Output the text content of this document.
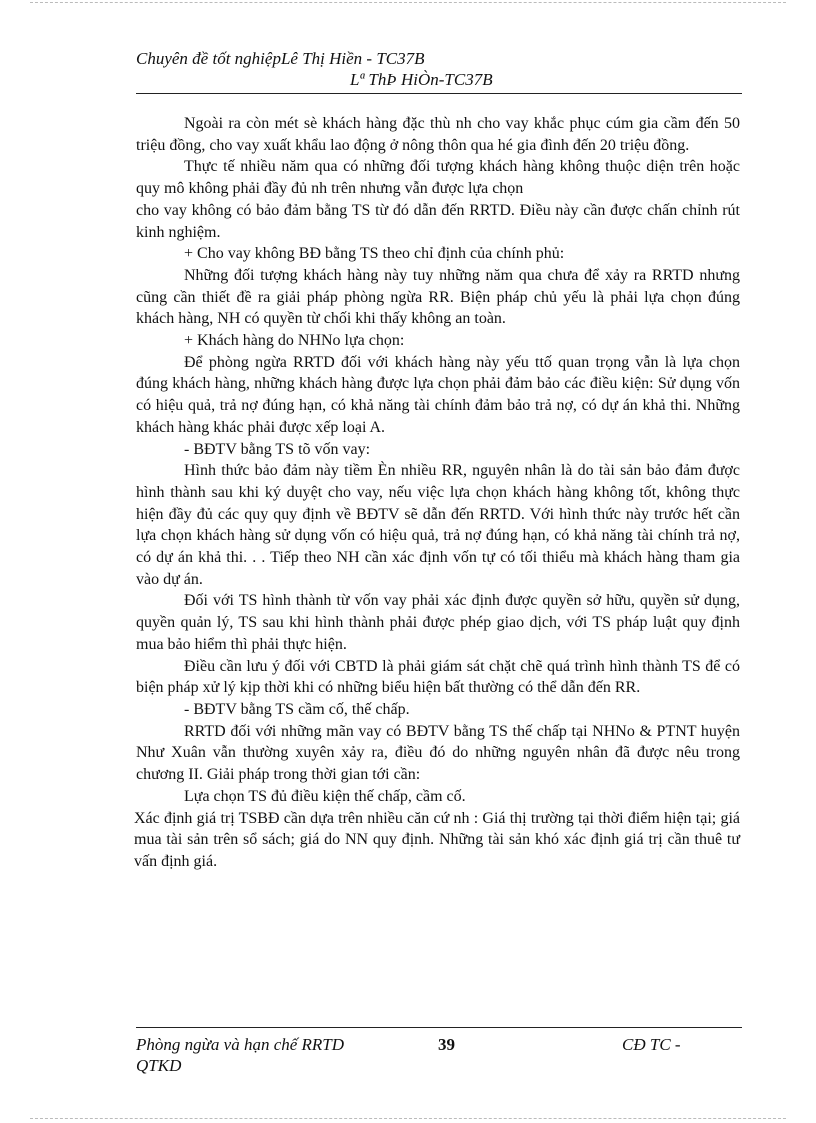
Chuyên đề tốt nghiệpLê Thị Hiền - TC37B
Lª ThÞ HiÒn-TC37B

Ngoài ra còn mét sè khách hàng đặc thù nh cho vay khắc phục cúm gia cầm đến 50 triệu đồng, cho vay xuất khẩu lao động ở nông thôn qua hé gia đình đến 20 triệu đồng.

Thực tế nhiều năm qua có những đối tượng khách hàng không thuộc diện trên hoặc quy mô không phải đầy đủ nh trên nhưng vẫn được lựa chọn

cho vay không có bảo đảm bằng TS từ đó dẫn đến RRTD. Điều này cần được chấn chỉnh rút kinh nghiệm.

+ Cho vay không BĐ bằng TS theo chỉ định của chính phủ:

Những đối tượng khách hàng này tuy những năm qua chưa để xảy ra RRTD nhưng cũng cần thiết đề ra giải pháp phòng ngừa RR. Biện pháp chủ yếu là phải lựa chọn đúng khách hàng, NH có quyền từ chối khi thấy không an toàn.

+ Khách hàng do NHNo lựa chọn:

Để phòng ngừa RRTD đối với khách hàng này yếu ttố quan trọng vẫn là lựa chọn đúng khách hàng, những khách hàng được lựa chọn phải đảm bảo các điều kiện: Sử dụng vốn có hiệu quả, trả nợ đúng hạn, có khả năng tài chính đảm bảo trả nợ, có dự án khả thi. Những khách hàng khác phải được xếp loại A.

- BĐTV bằng TS tõ vốn vay:

Hình thức bảo đảm này tiềm Èn nhiều RR, nguyên nhân là do tài sản bảo đảm được hình thành sau khi ký duyệt cho vay, nếu việc lựa chọn khách hàng không tốt, không thực hiện đầy đủ các quy quy định về BĐTV sẽ dẫn đến RRTD. Với hình thức này trước hết cần lựa chọn khách hàng sử dụng vốn có hiệu quả, trả nợ đúng hạn, có khả năng tài chính trả nợ, có dự án khả thi. . . Tiếp theo NH cần xác định vốn tự có tối thiểu mà khách hàng tham gia vào dự án.

Đối với TS hình thành từ vốn vay phải xác định được quyền sở hữu, quyền sử dụng, quyền quản lý, TS sau khi hình thành phải được phép giao dịch, với TS pháp luật quy định mua bảo hiểm thì phải thực hiện.

Điều cần lưu ý đối với CBTD là phải giám sát chặt chẽ quá trình hình thành TS để có biện pháp xử lý kịp thời khi có những biểu hiện bất thường có thể dẫn đến RR.

- BĐTV bằng TS cầm cố, thế chấp.

RRTD đối với những mãn vay có BĐTV bằng TS thế chấp tại NHNo & PTNT huyện Như Xuân vẫn thường xuyên xảy ra, điều đó do những nguyên nhân đã được nêu trong chương II. Giải pháp trong thời gian tới cần:

Lựa chọn TS đủ điều kiện thế chấp, cầm cố.

Xác định giá trị TSBĐ cần dựa trên nhiều căn cứ nh : Giá thị trường tại thời điểm hiện tại; giá mua tài sản trên sổ sách; giá do NN quy định. Những tài sản khó xác định giá trị cần thuê tư vấn định giá.

Phòng ngừa và hạn chế RRTD	39	CĐ TC -
QTKD
